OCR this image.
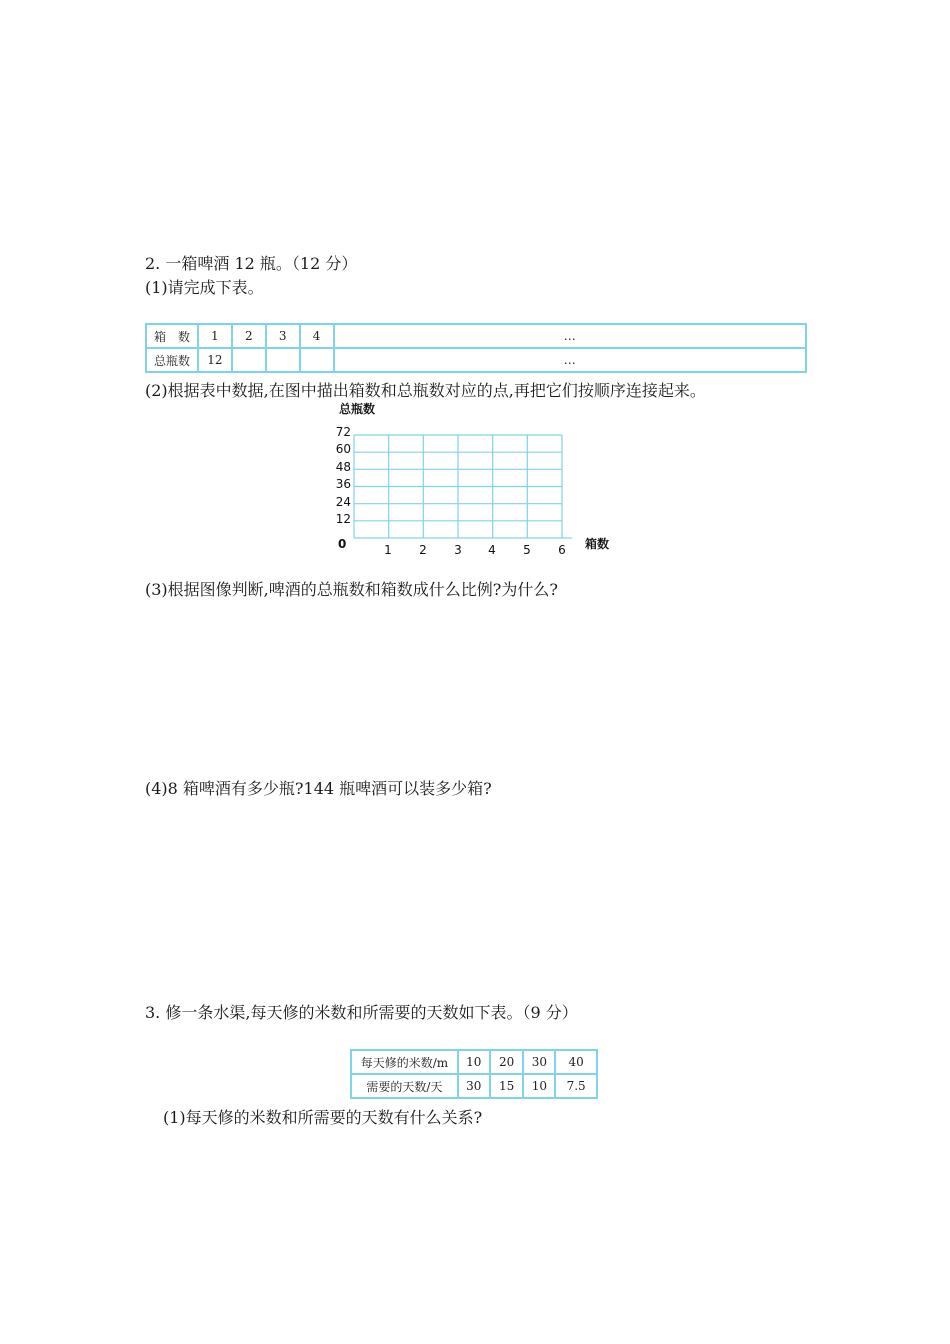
2. 一箱啤酒 12 瓶。（12 分）
(1)请完成下表。
箱　数	1	2	3	4	…
总瓶数	12				…
(2)根据表中数据,在图中描出箱数和总瓶数对应的点,再把它们按顺序连接起来。
总瓶数
0
12
24
36
48
60
72
1 2 3 4 5 6 箱数
(3)根据图像判断,啤酒的总瓶数和箱数成什么比例?为什么?
(4)8 箱啤酒有多少瓶?144 瓶啤酒可以装多少箱?
3. 修一条水渠,每天修的米数和所需要的天数如下表。（9 分）
每天修的米数/m	10	20	30	40
需要的天数/天	30	15	10	7.5
(1)每天修的米数和所需要的天数有什么关系?
